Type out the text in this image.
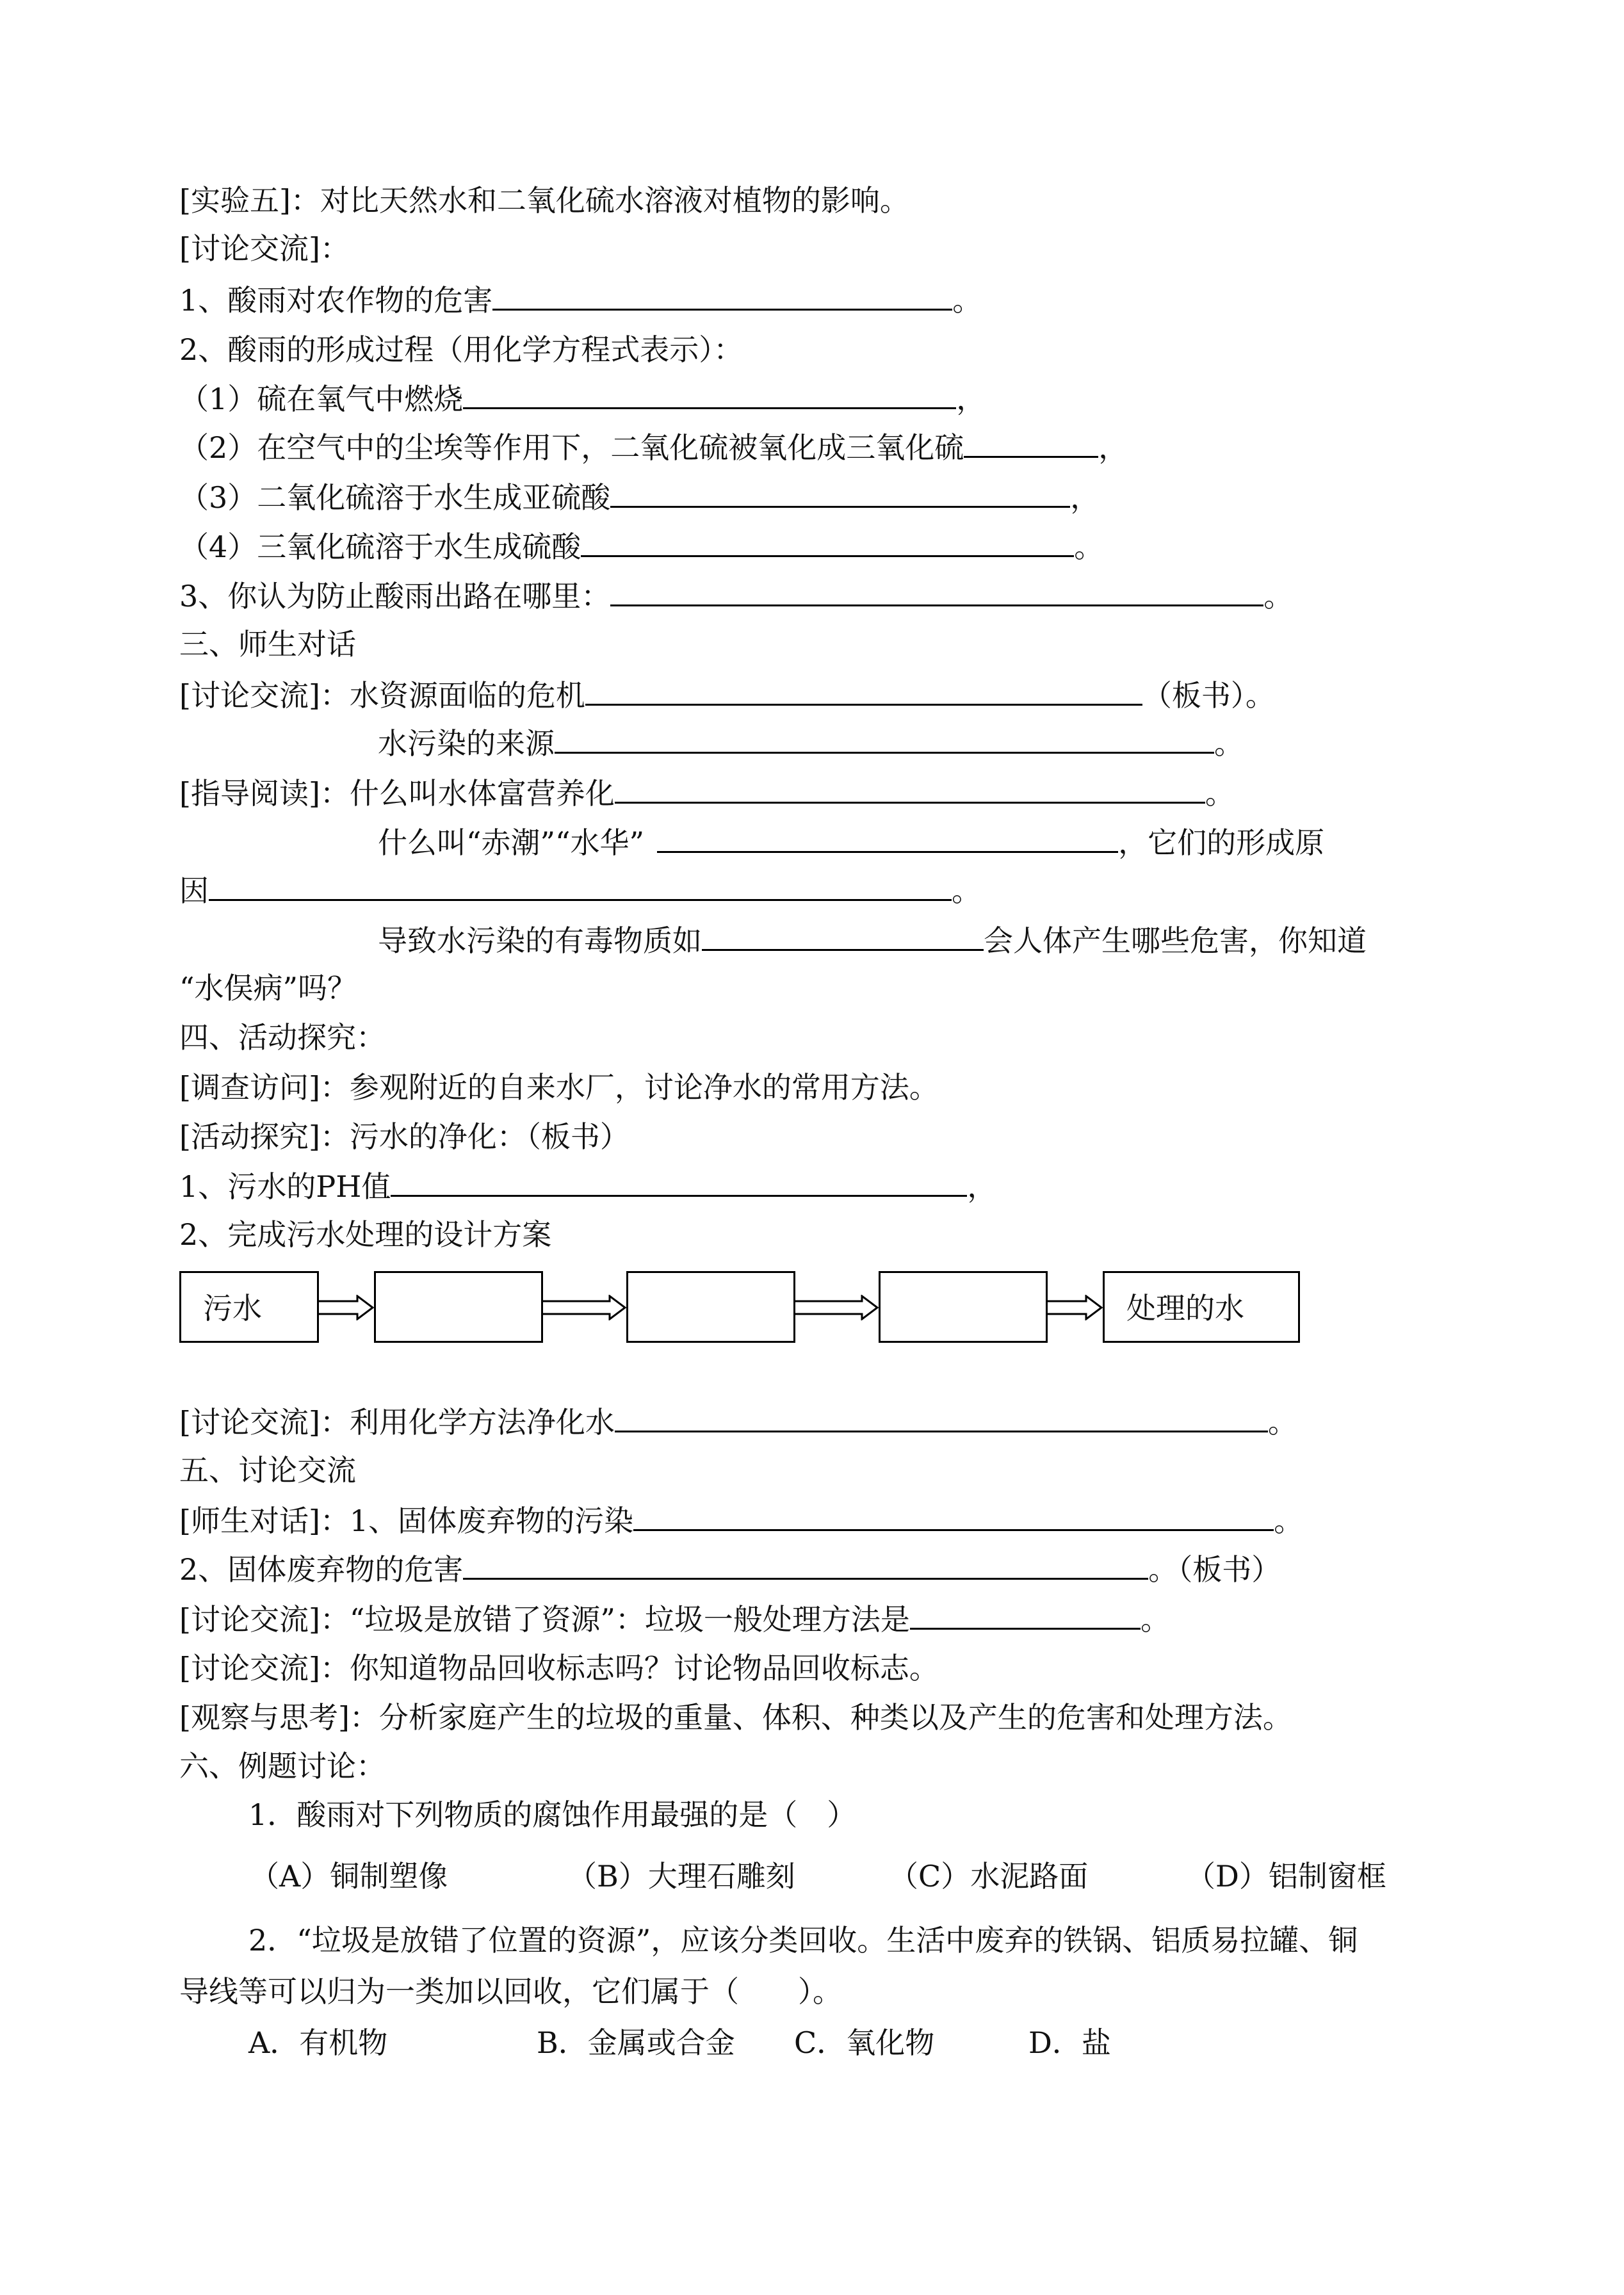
[实验五]：对比天然水和二氧化硫水溶液对植物的影响。
[讨论交流]：
1、酸雨对农作物的危害	。
2、酸雨的形成过程（用化学方程式表示）：
（1）硫在氧气中燃烧	，
（2）在空气中的尘埃等作用下，二氧化硫被氧化成三氧化硫	，
（3）二氧化硫溶于水生成亚硫酸	，
（4）三氧化硫溶于水生成硫酸	。
3、你认为防止酸雨出路在哪里：	。
三、师生对话
[讨论交流]：水资源面临的危机	（板书）。
水污染的来源	。
[指导阅读]：什么叫水体富营养化	。
什么叫“赤潮”“水华”	，它们的形成原
因	。
导致水污染的有毒物质如	会人体产生哪些危害，你知道
“水俣病”吗？
四、活动探究：
[调查访问]：参观附近的自来水厂，讨论净水的常用方法。
[活动探究]：污水的净化：（板书）
1、污水的PH值	，
2、完成污水处理的设计方案
污水	处理的水
[讨论交流]：利用化学方法净化水	。
五、讨论交流
[师生对话]：1、固体废弃物的污染	。
2、固体废弃物的危害	。（板书）
[讨论交流]：“垃圾是放错了资源”：垃圾一般处理方法是	。
[讨论交流]：你知道物品回收标志吗？讨论物品回收标志。
[观察与思考]：分析家庭产生的垃圾的重量、体积、种类以及产生的危害和处理方法。
六、例题讨论：
1．酸雨对下列物质的腐蚀作用最强的是（　）
（A）铜制塑像	（B）大理石雕刻	（C）水泥路面	（D）铝制窗框
2．“垃圾是放错了位置的资源”，应该分类回收。生活中废弃的铁锅、铝质易拉罐、铜
导线等可以归为一类加以回收，它们属于（　　）。
A．有机物	B．金属或合金 C．氧化物	D．盐
